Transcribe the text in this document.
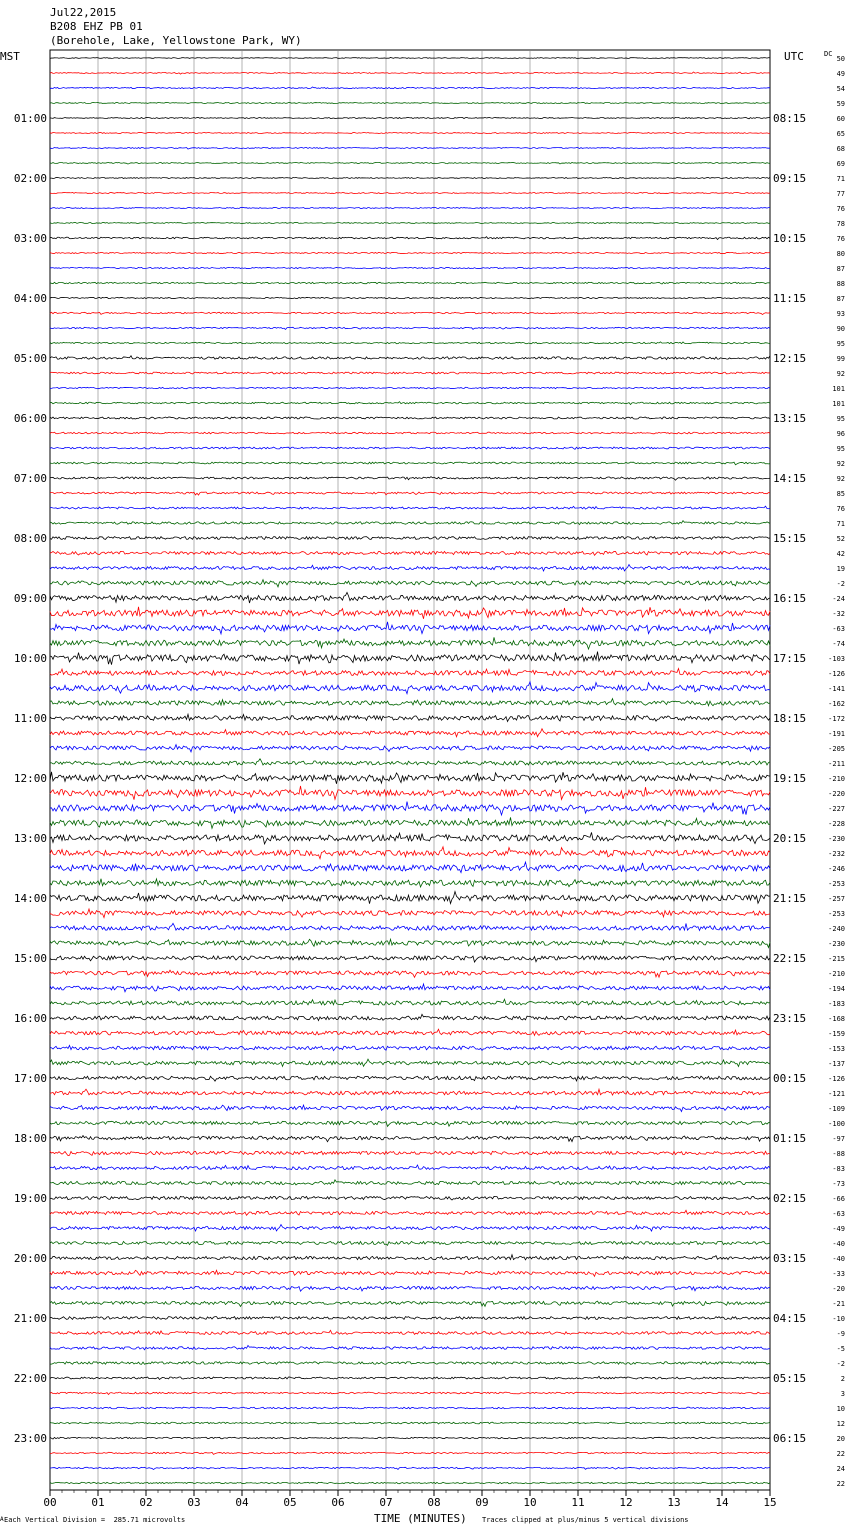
Jul22,2015
B208 EHZ PB 01
(Borehole, Lake, Yellowstone Park, WY)
MST	UTC	DC
00	01	02	03	04	05	06	07	08	09	10	11	12	13	14	15
50
49
54
59
60
65
68
69
71
77
76
78
76
80
87
88
87
93
90
95
99
92
101
101
95
96
95
92
92
85
76
71
52
42
19
-2
-24
-32
-63
-74
-103
-126
-141
-162
-172
-191
-205
-211
-210
-220
-227
-228
-230
-232
-246
-253
-257
-253
-240
-230
-215
-210
-194
-183
-168
-159
-153
-137
-126
-121
-109
-100
-97
-88
-83
-73
-66
-63
-49
-40
-40
-33
-20
-21
-10
-9
-5
-2
2
3
10
12
20
22
24
22
01:00
02:00
03:00
04:00
05:00
06:00
07:00
08:00
09:00
10:00
11:00
12:00
13:00
14:00
15:00
16:00
17:00
18:00
19:00
20:00
21:00
22:00
23:00
08:15
09:15
10:15
11:15
12:15
13:15
14:15
15:15
16:15
17:15
18:15
19:15
20:15
21:15
22:15
23:15
00:15
01:15
02:15
03:15
04:15
05:15
06:15
A Each Vertical Division =  285.71 microvolts	TIME (MINUTES) Traces clipped at plus/minus 5 vertical divisions
